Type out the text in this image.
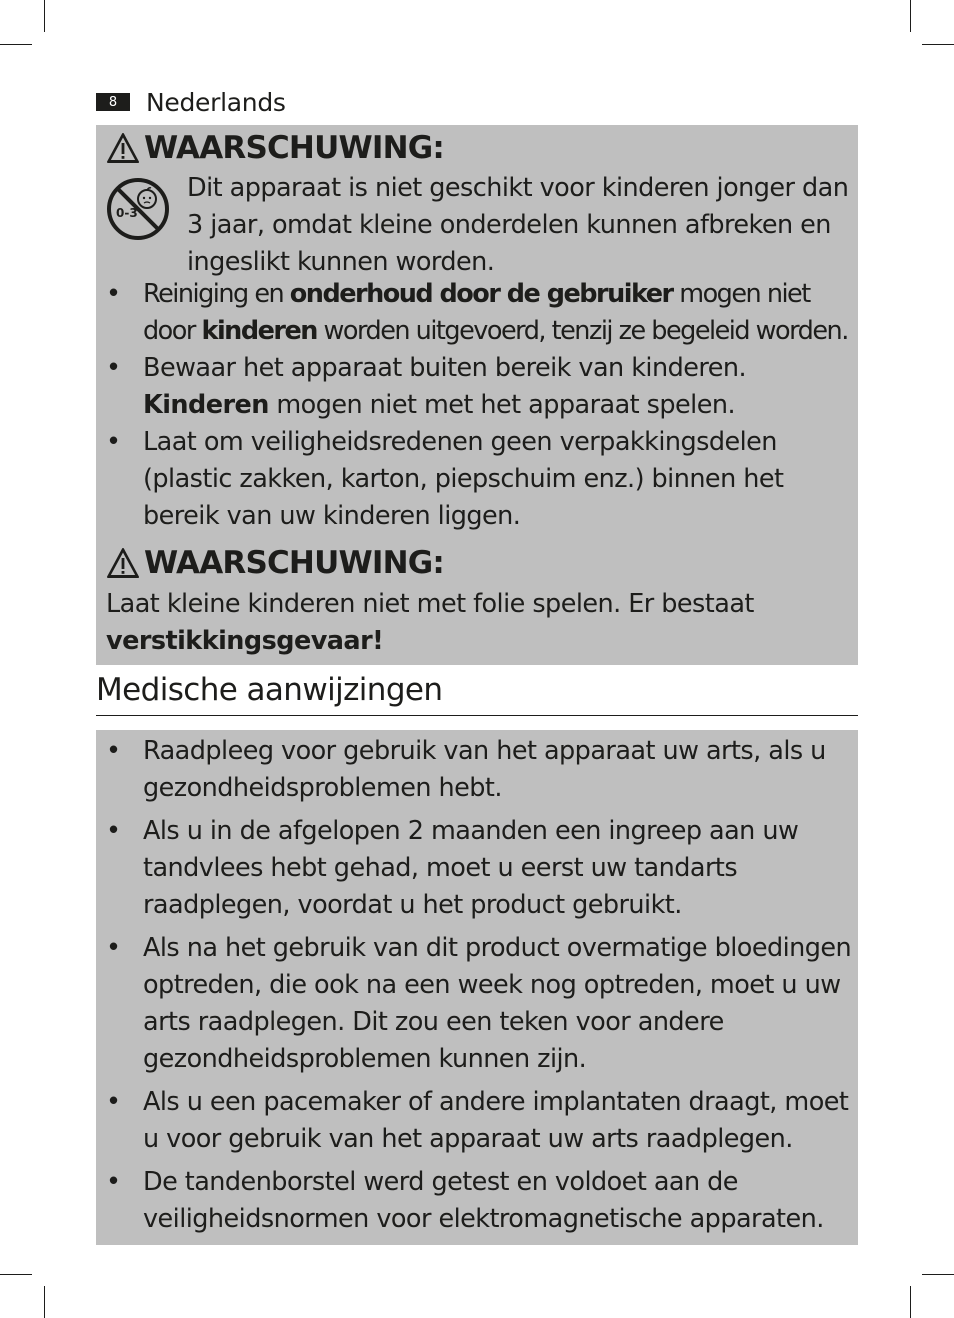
8	Nederlands
WAARSCHUWING:
0-3
Dit apparaat is niet geschikt voor kinderen jonger dan 3 jaar, omdat kleine onderdelen kunnen afbreken en ingeslikt kunnen worden.
• Reiniging en onderhoud door de gebruiker mogen niet door kinderen worden uitgevoerd, tenzij ze begeleid worden.
• Bewaar het apparaat buiten bereik van kinderen. Kinderen mogen niet met het apparaat spelen.
• Laat om veiligheidsredenen geen verpakkingsdelen (plastic zakken, karton, piepschuim enz.) binnen het bereik van uw kinderen liggen.
WAARSCHUWING:
Laat kleine kinderen niet met folie spelen. Er bestaat verstikkingsgevaar!
Medische aanwijzingen
• Raadpleeg voor gebruik van het apparaat uw arts, als u gezondheidsproblemen hebt.
• Als u in de afgelopen 2 maanden een ingreep aan uw tandvlees hebt gehad, moet u eerst uw tandarts raadplegen, voordat u het product gebruikt.
• Als na het gebruik van dit product overmatige bloedingen optreden, die ook na een week nog optreden, moet u uw arts raadplegen. Dit zou een teken voor andere gezondheidsproblemen kunnen zijn.
• Als u een pacemaker of andere implantaten draagt, moet u voor gebruik van het apparaat uw arts raadplegen.
• De tandenborstel werd getest en voldoet aan de veiligheidsnormen voor elektromagnetische apparaten.
